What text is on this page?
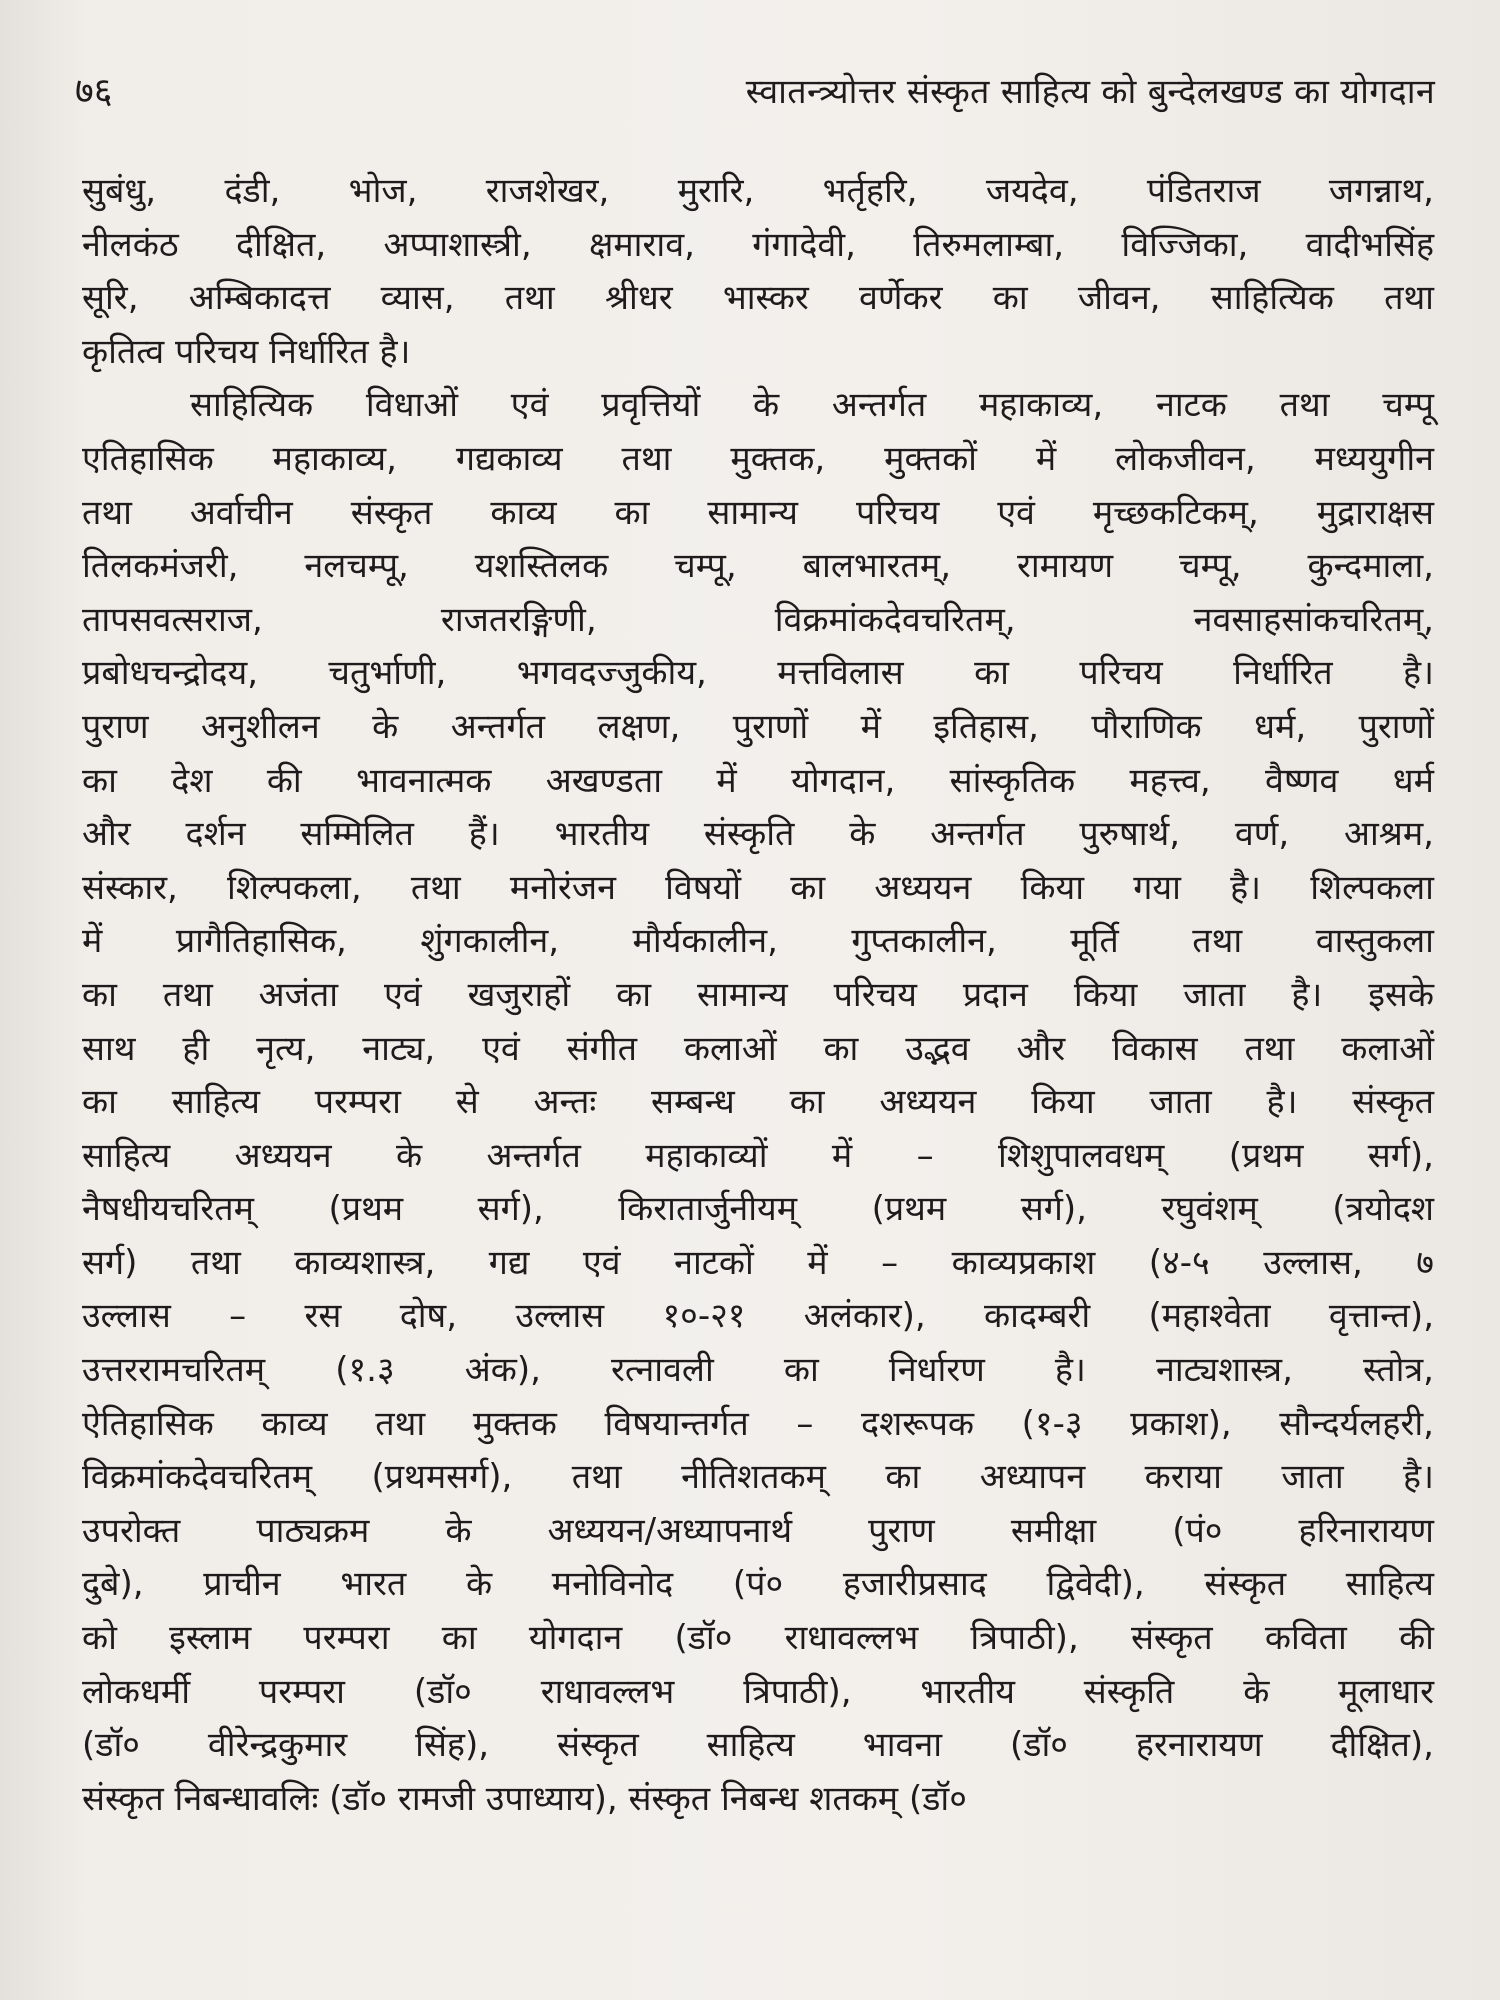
७६	स्वातन्त्र्योत्तर संस्कृत साहित्य को बुन्देलखण्ड का योगदान
सुबंधु, दंडी, भोज, राजशेखर, मुरारि, भर्तृहरि, जयदेव, पंडितराज जगन्नाथ,
नीलकंठ दीक्षित, अप्पाशास्त्री, क्षमाराव, गंगादेवी, तिरुमलाम्बा, विज्जिका, वादीभसिंह
सूरि, अम्बिकादत्त व्यास, तथा श्रीधर भास्कर वर्णेकर का जीवन, साहित्यिक तथा
कृतित्व परिचय निर्धारित है।
साहित्यिक विधाओं एवं प्रवृत्तियों के अन्तर्गत महाकाव्य, नाटक तथा चम्पू
एतिहासिक महाकाव्य, गद्यकाव्य तथा मुक्तक, मुक्तकों में लोकजीवन, मध्ययुगीन
तथा अर्वाचीन संस्कृत काव्य का सामान्य परिचय एवं मृच्छकटिकम्, मुद्राराक्षस
तिलकमंजरी, नलचम्पू, यशस्तिलक चम्पू, बालभारतम्, रामायण चम्पू, कुन्दमाला,
तापसवत्सराज, राजतरङ्गिणी, विक्रमांकदेवचरितम्, नवसाहसांकचरितम्,
प्रबोधचन्द्रोदय, चतुर्भाणी, भगवदज्जुकीय, मत्तविलास का परिचय निर्धारित है।
पुराण अनुशीलन के अन्तर्गत लक्षण, पुराणों में इतिहास, पौराणिक धर्म, पुराणों
का देश की भावनात्मक अखण्डता में योगदान, सांस्कृतिक महत्त्व, वैष्णव धर्म
और दर्शन सम्मिलित हैं। भारतीय संस्कृति के अन्तर्गत पुरुषार्थ, वर्ण, आश्रम,
संस्कार, शिल्पकला, तथा मनोरंजन विषयों का अध्ययन किया गया है। शिल्पकला
में प्रागैतिहासिक, शुंगकालीन, मौर्यकालीन, गुप्तकालीन, मूर्ति तथा वास्तुकला
का तथा अजंता एवं खजुराहों का सामान्य परिचय प्रदान किया जाता है। इसके
साथ ही नृत्य, नाट्य, एवं संगीत कलाओं का उद्भव और विकास तथा कलाओं
का साहित्य परम्परा से अन्तः सम्बन्ध का अध्ययन किया जाता है। संस्कृत
साहित्य अध्ययन के अन्तर्गत महाकाव्यों में – शिशुपालवधम् (प्रथम सर्ग),
नैषधीयचरितम् (प्रथम सर्ग), किरातार्जुनीयम् (प्रथम सर्ग), रघुवंशम् (त्रयोदश
सर्ग) तथा काव्यशास्त्र, गद्य एवं नाटकों में – काव्यप्रकाश (४-५ उल्लास, ७
उल्लास – रस दोष, उल्लास १०-२१ अलंकार), कादम्बरी (महाश्वेता वृत्तान्त),
उत्तररामचरितम् (१.३ अंक), रत्नावली का निर्धारण है। नाट्यशास्त्र, स्तोत्र,
ऐतिहासिक काव्य तथा मुक्तक विषयान्तर्गत – दशरूपक (१-३ प्रकाश), सौन्दर्यलहरी,
विक्रमांकदेवचरितम् (प्रथमसर्ग), तथा नीतिशतकम् का अध्यापन कराया जाता है।
उपरोक्त पाठ्यक्रम के अध्ययन/अध्यापनार्थ पुराण समीक्षा (पं० हरिनारायण
दुबे), प्राचीन भारत के मनोविनोद (पं० हजारीप्रसाद द्विवेदी), संस्कृत साहित्य
को इस्लाम परम्परा का योगदान (डॉ० राधावल्लभ त्रिपाठी), संस्कृत कविता की
लोकधर्मी परम्परा (डॉ० राधावल्लभ त्रिपाठी), भारतीय संस्कृति के मूलाधार
(डॉ० वीरेन्द्रकुमार सिंह), संस्कृत साहित्य भावना (डॉ० हरनारायण दीक्षित),
संस्कृत निबन्धावलिः (डॉ० रामजी उपाध्याय), संस्कृत निबन्ध शतकम् (डॉ०
